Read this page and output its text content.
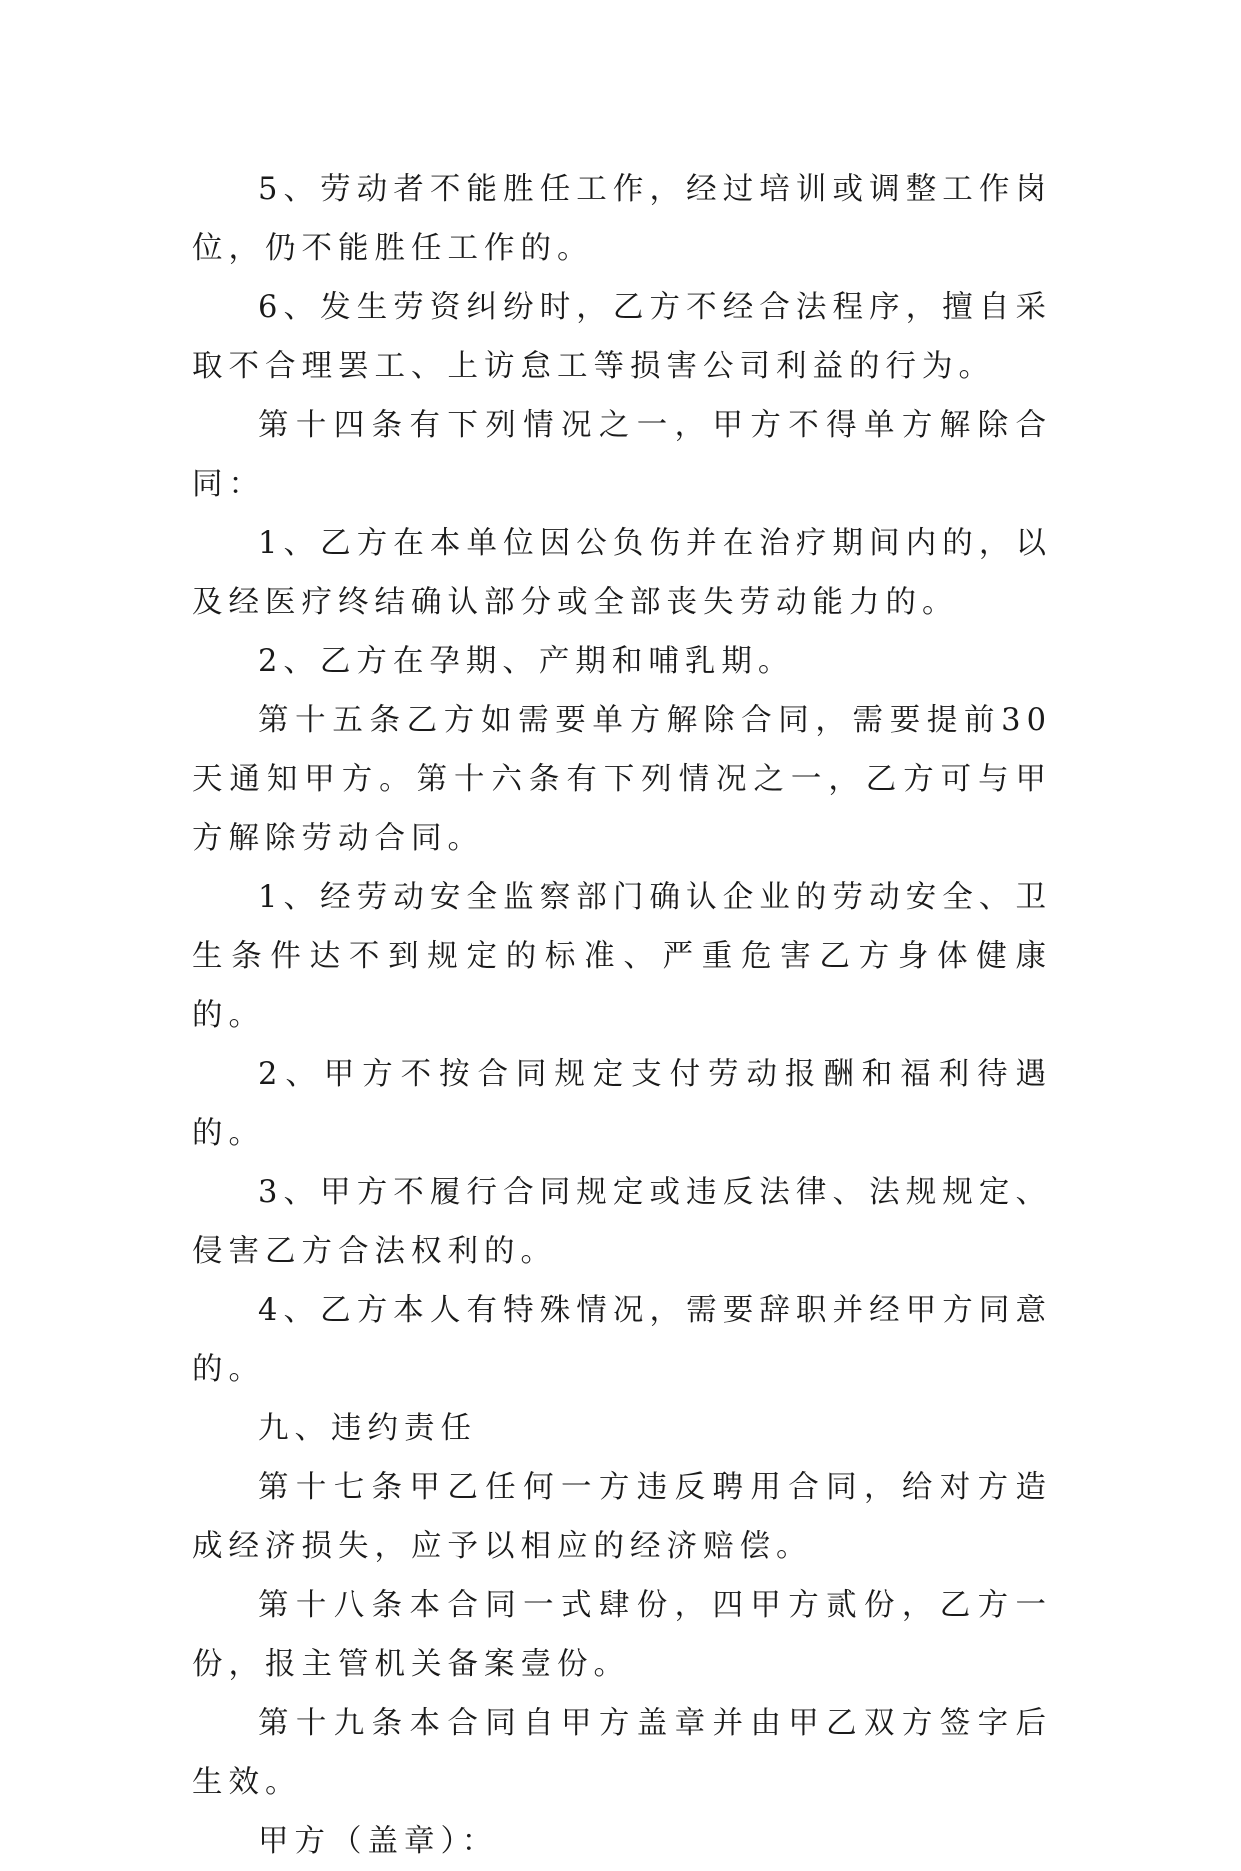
5、劳动者不能胜任工作，经过培训或调整工作岗位，仍不能胜任工作的。

6、发生劳资纠纷时，乙方不经合法程序，擅自采取不合理罢工、上访怠工等损害公司利益的行为。

第十四条有下列情况之一，甲方不得单方解除合同：

1、乙方在本单位因公负伤并在治疗期间内的，以及经医疗终结确认部分或全部丧失劳动能力的。

2、乙方在孕期、产期和哺乳期。

第十五条乙方如需要单方解除合同，需要提前30天通知甲方。第十六条有下列情况之一，乙方可与甲方解除劳动合同。

1、经劳动安全监察部门确认企业的劳动安全、卫生条件达不到规定的标准、严重危害乙方身体健康的。

2、甲方不按合同规定支付劳动报酬和福利待遇的。

3、甲方不履行合同规定或违反法律、法规规定、侵害乙方合法权利的。

4、乙方本人有特殊情况，需要辞职并经甲方同意的。

九、违约责任

第十七条甲乙任何一方违反聘用合同，给对方造成经济损失，应予以相应的经济赔偿。

第十八条本合同一式肆份，四甲方贰份，乙方一份，报主管机关备案壹份。

第十九条本合同自甲方盖章并由甲乙双方签字后生效。

甲方（盖章）：
